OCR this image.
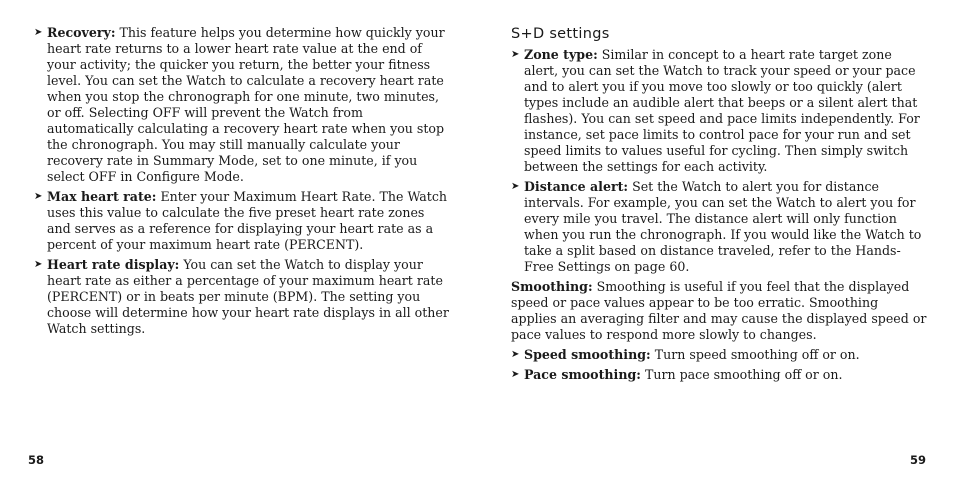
➤ Recovery: This feature helps you determine how quickly your heart rate returns to a lower heart rate value at the end of your activity; the quicker you return, the better your fitness level. You can set the Watch to calculate a recovery heart rate when you stop the chronograph for one minute, two minutes, or off. Selecting OFF will prevent the Watch from automatically calculating a recovery heart rate when you stop the chronograph. You may still manually calculate your recovery rate in Summary Mode, set to one minute, if you select OFF in Configure Mode.
➤ Max heart rate: Enter your Maximum Heart Rate. The Watch uses this value to calculate the five preset heart rate zones and serves as a reference for displaying your heart rate as a percent of your maximum heart rate (PERCENT).
➤ Heart rate display: You can set the Watch to display your heart rate as either a percentage of your maximum heart rate (PERCENT) or in beats per minute (BPM). The setting you choose will determine how your heart rate displays in all other Watch settings.
58
S+D settings
➤ Zone type: Similar in concept to a heart rate target zone alert, you can set the Watch to track your speed or your pace and to alert you if you move too slowly or too quickly (alert types include an audible alert that beeps or a silent alert that flashes). You can set speed and pace limits independently. For instance, set pace limits to control pace for your run and set speed limits to values useful for cycling. Then simply switch between the settings for each activity.
➤ Distance alert: Set the Watch to alert you for distance intervals. For example, you can set the Watch to alert you for every mile you travel. The distance alert will only function when you run the chronograph. If you would like the Watch to take a split based on distance traveled, refer to the Hands-Free Settings on page 60.
Smoothing: Smoothing is useful if you feel that the displayed speed or pace values appear to be too erratic. Smoothing applies an averaging filter and may cause the displayed speed or pace values to respond more slowly to changes.
➤ Speed smoothing: Turn speed smoothing off or on.
➤ Pace smoothing: Turn pace smoothing off or on.
59
